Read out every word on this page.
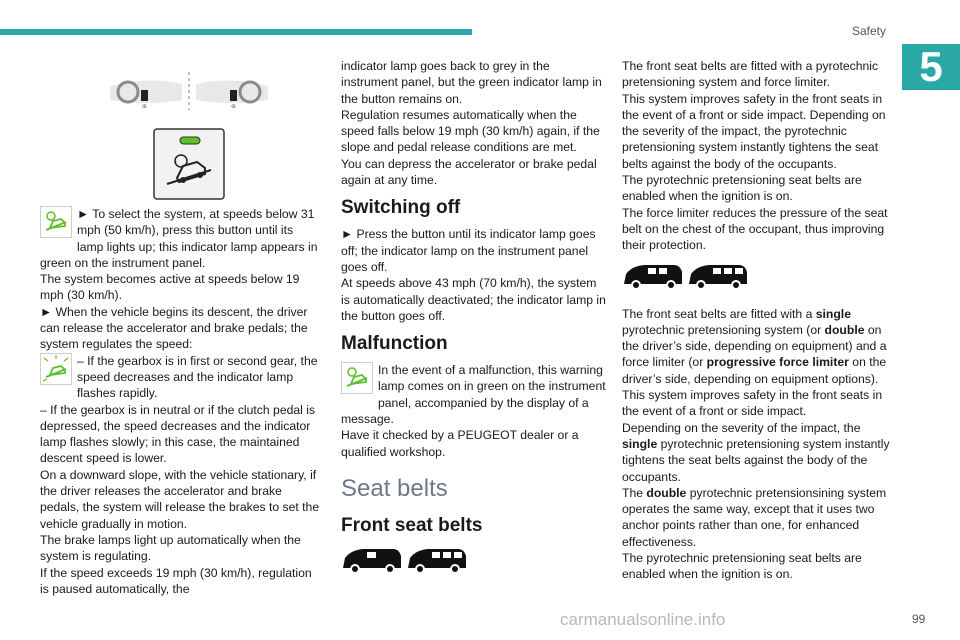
Safety
5
⊕	⊕
-

► To select the system, at speeds below 31 mph (50 km/h), press this button until its lamp lights up; this indicator lamp appears in green on the instrument panel.

The system becomes active at speeds below 19 mph (30 km/h).

► When the vehicle begins its descent, the driver can release the accelerator and brake pedals; the system regulates the speed:

– If the gearbox is in first or second gear, the speed decreases and the indicator lamp flashes rapidly.

– If the gearbox is in neutral or if the clutch pedal is depressed, the speed decreases and the indicator lamp flashes slowly; in this case, the maintained descent speed is lower.

On a downward slope, with the vehicle stationary, if the driver releases the accelerator and brake pedals, the system will release the brakes to set the vehicle gradually in motion.

The brake lamps light up automatically when the system is regulating.

If the speed exceeds 19 mph (30 km/h), regulation is paused automatically, the

indicator lamp goes back to grey in the instrument panel, but the green indicator lamp in the button remains on.

Regulation resumes automatically when the speed falls below 19 mph (30 km/h) again, if the slope and pedal release conditions are met.

You can depress the accelerator or brake pedal again at any time.

Switching off

► Press the button until its indicator lamp goes off; the indicator lamp on the instrument panel goes off.

At speeds above 43 mph (70 km/h), the system is automatically deactivated; the indicator lamp in the button goes off.

Malfunction

In the event of a malfunction, this warning lamp comes on in green on the instrument panel, accompanied by the display of a message.

Have it checked by a PEUGEOT dealer or a qualified workshop.

Seat belts
Front seat belts

The front seat belts are fitted with a pyrotechnic pretensioning system and force limiter.

This system improves safety in the front seats in the event of a front or side impact. Depending on the severity of the impact, the pyrotechnic pretensioning system instantly tightens the seat belts against the body of the occupants.

The pyrotechnic pretensioning seat belts are enabled when the ignition is on.

The force limiter reduces the pressure of the seat belt on the chest of the occupant, thus improving their protection.

The front seat belts are fitted with a single pyrotechnic pretensioning system (or double on the driver’s side, depending on equipment) and a force limiter (or progressive force limiter on the driver’s side, depending on equipment options).

This system improves safety in the front seats in the event of a front or side impact.

Depending on the severity of the impact, the single pyrotechnic pretensioning system instantly tightens the seat belts against the body of the occupants.

The double pyrotechnic pretensionsining system operates the same way, except that it uses two anchor points rather than one, for enhanced effectiveness.

The pyrotechnic pretensioning seat belts are enabled when the ignition is on.

carmanualsonline.info	99
